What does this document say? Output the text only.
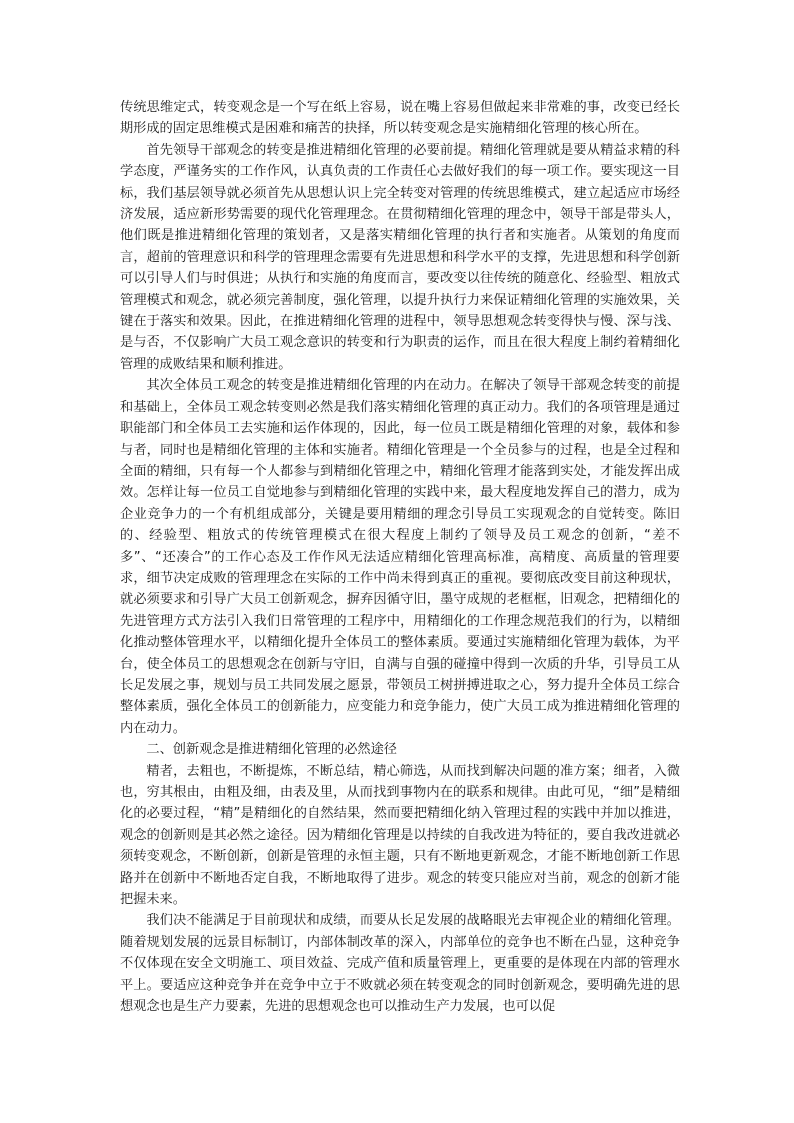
传统思维定式，转变观念是一个写在纸上容易，说在嘴上容易但做起来非常难的事，改变已经长期形成的固定思维模式是困难和痛苦的抉择，所以转变观念是实施精细化管理的核心所在。

首先领导干部观念的转变是推进精细化管理的必要前提。精细化管理就是要从精益求精的科学态度，严谨务实的工作作风，认真负责的工作责任心去做好我们的每一项工作。要实现这一目标，我们基层领导就必须首先从思想认识上完全转变对管理的传统思维模式，建立起适应市场经济发展，适应新形势需要的现代化管理理念。在贯彻精细化管理的理念中，领导干部是带头人，他们既是推进精细化管理的策划者，又是落实精细化管理的执行者和实施者。从策划的角度而言，超前的管理意识和科学的管理理念需要有先进思想和科学水平的支撑，先进思想和科学创新可以引导人们与时俱进；从执行和实施的角度而言，要改变以往传统的随意化、经验型、粗放式管理模式和观念，就必须完善制度，强化管理，以提升执行力来保证精细化管理的实施效果，关键在于落实和效果。因此，在推进精细化管理的进程中，领导思想观念转变得快与慢、深与浅、是与否，不仅影响广大员工观念意识的转变和行为职责的运作，而且在很大程度上制约着精细化管理的成败结果和顺利推进。

其次全体员工观念的转变是推进精细化管理的内在动力。在解决了领导干部观念转变的前提和基础上，全体员工观念转变则必然是我们落实精细化管理的真正动力。我们的各项管理是通过职能部门和全体员工去实施和运作体现的，因此，每一位员工既是精细化管理的对象，载体和参与者，同时也是精细化管理的主体和实施者。精细化管理是一个全员参与的过程，也是全过程和全面的精细，只有每一个人都参与到精细化管理之中，精细化管理才能落到实处，才能发挥出成效。怎样让每一位员工自觉地参与到精细化管理的实践中来，最大程度地发挥自己的潜力，成为企业竞争力的一个有机组成部分，关键是要用精细的理念引导员工实现观念的自觉转变。陈旧的、经验型、粗放式的传统管理模式在很大程度上制约了领导及员工观念的创新，“差不多”、“还凑合”的工作心态及工作作风无法适应精细化管理高标准，高精度、高质量的管理要求，细节决定成败的管理理念在实际的工作中尚未得到真正的重视。要彻底改变目前这种现状，就必须要求和引导广大员工创新观念，摒弃因循守旧，墨守成规的老框框，旧观念，把精细化的先进管理方式方法引入我们日常管理的工程序中，用精细化的工作理念规范我们的行为，以精细化推动整体管理水平，以精细化提升全体员工的整体素质。要通过实施精细化管理为载体，为平台，使全体员工的思想观念在创新与守旧，自满与自强的碰撞中得到一次质的升华，引导员工从长足发展之事，规划与员工共同发展之愿景，带领员工树拼搏进取之心，努力提升全体员工综合整体素质，强化全体员工的创新能力，应变能力和竞争能力，使广大员工成为推进精细化管理的内在动力。

二、创新观念是推进精细化管理的必然途径

精者，去粗也，不断提炼，不断总结，精心筛选，从而找到解决问题的准方案；细者，入微也，穷其根由，由粗及细，由表及里，从而找到事物内在的联系和规律。由此可见，“细”是精细化的必要过程，“精”是精细化的自然结果，然而要把精细化纳入管理过程的实践中并加以推进，观念的创新则是其必然之途径。因为精细化管理是以持续的自我改进为特征的，要自我改进就必须转变观念，不断创新，创新是管理的永恒主题，只有不断地更新观念，才能不断地创新工作思路并在创新中不断地否定自我，不断地取得了进步。观念的转变只能应对当前，观念的创新才能把握未来。

我们决不能满足于目前现状和成绩，而要从长足发展的战略眼光去审视企业的精细化管理。随着规划发展的远景目标制订，内部体制改革的深入，内部单位的竞争也不断在凸显，这种竞争不仅体现在安全文明施工、项目效益、完成产值和质量管理上，更重要的是体现在内部的管理水平上。要适应这种竞争并在竞争中立于不败就必须在转变观念的同时创新观念，要明确先进的思想观念也是生产力要素，先进的思想观念也可以推动生产力发展，也可以促
